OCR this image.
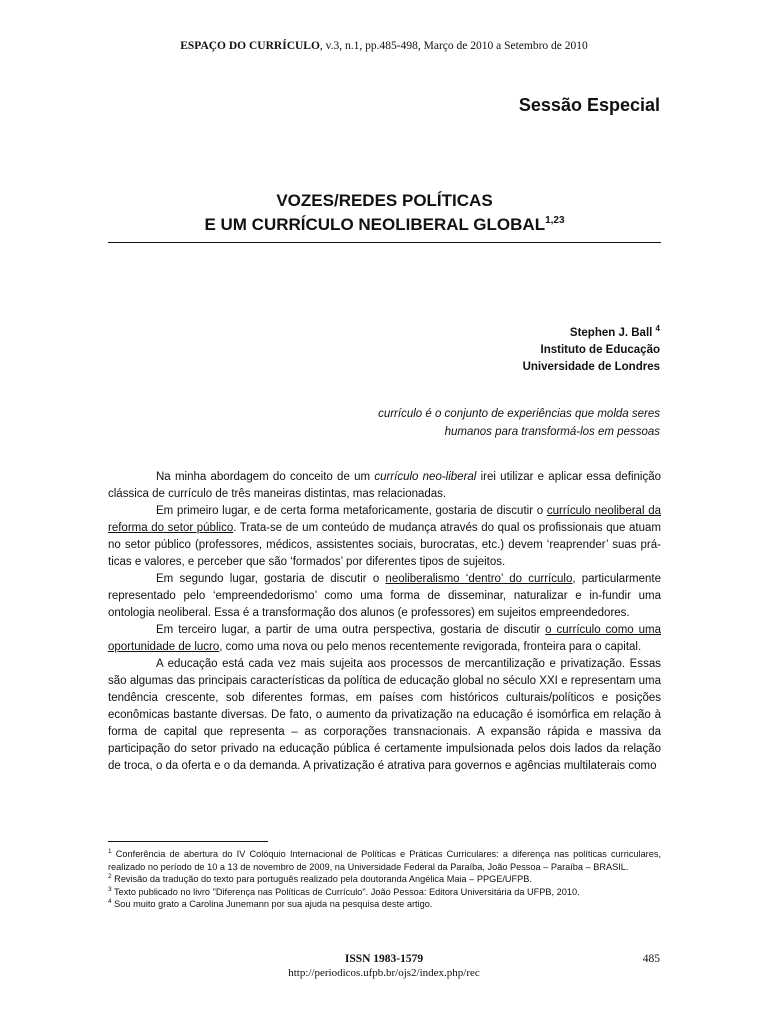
ESPAÇO DO CURRÍCULO, v.3, n.1, pp.485-498, Março de 2010 a Setembro de 2010
Sessão Especial
VOZES/REDES POLÍTICAS
E UM CURRÍCULO NEOLIBERAL GLOBAL$^{1,23}$
Stephen J. Ball $^4$
Instituto de Educação
Universidade de Londres
currículo é o conjunto de experiências que molda seres
humanos para transformá-los em pessoas

Na minha abordagem do conceito de um currículo neo-liberal irei utilizar e aplicar essa definição clássica de currículo de três maneiras distintas, mas relacionadas.

Em primeiro lugar, e de certa forma metaforicamente, gostaria de discutir o currículo neoliberal da reforma do setor público. Trata-se de um conteúdo de mudança através do qual os profissionais que atuam no setor público (professores, médicos, assistentes sociais, burocratas, etc.) devem ‘reaprender’ suas prá-ticas e valores, e perceber que são ‘formados’ por diferentes tipos de sujeitos.

Em segundo lugar, gostaria de discutir o neoliberalismo ‘dentro’ do currículo, particularmente representado pelo ‘empreendedorismo’ como uma forma de disseminar, naturalizar e in-fundir uma ontologia neoliberal. Essa é a transformação dos alunos (e professores) em sujeitos empreendedores.

Em terceiro lugar, a partir de uma outra perspectiva, gostaria de discutir o currículo como uma oportunidade de lucro, como uma nova ou pelo menos recentemente revigorada, fronteira para o capital.

A educação está cada vez mais sujeita aos processos de mercantilização e privatização. Essas são algumas das principais características da política de educação global no século XXI e representam uma tendência crescente, sob diferentes formas, em países com históricos culturais/políticos e posições econômicas bastante diversas. De fato, o aumento da privatização na educação é isomórfica em relação à forma de capital que representa – as corporações transnacionais. A expansão rápida e massiva da participação do setor privado na educação pública é certamente impulsionada pelos dois lados da relação de troca, o da oferta e o da demanda. A privatização é atrativa para governos e agências multilaterais como

$^1$ Conferência de abertura do IV Colóquio Internacional de Políticas e Práticas Curriculares: a diferença nas políticas curriculares, realizado no período de 10 a 13 de novembro de 2009, na Universidade Federal da Paraíba, João Pessoa – Paraíba – BRASIL.

$^2$ Revisão da tradução do texto para português realizado pela doutoranda Angélica Maia – PPGE/UFPB.

$^3$ Texto publicado no livro "Diferença nas Políticas de Currículo". João Pessoa: Editora Universitária da UFPB, 2010.

$^4$ Sou muito grato a Carolina Junemann por sua ajuda na pesquisa deste artigo.

ISSN 1983-1579
http://periodicos.ufpb.br/ojs2/index.php/rec
485
